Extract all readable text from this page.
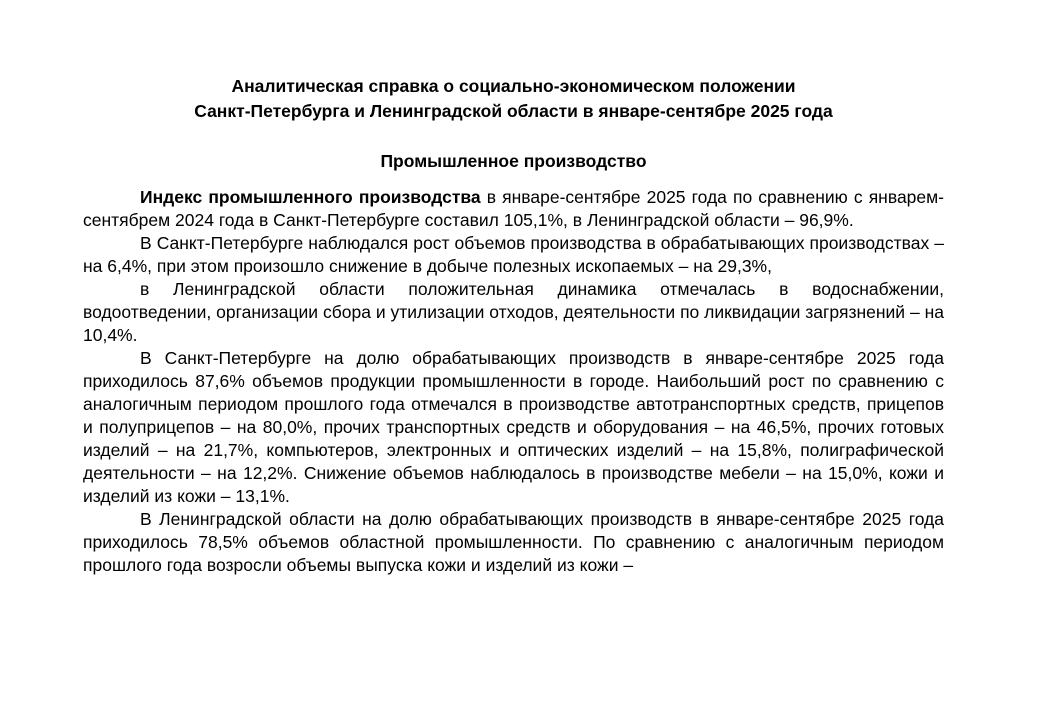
Аналитическая справка о социально-экономическом положении
Санкт-Петербурга и Ленинградской области в январе-сентябре 2025 года

Промышленное производство

Индекс промышленного производства в январе-сентябре 2025 года по сравнению с январем-сентябрем 2024 года в Санкт-Петербурге составил 105,1%, в Ленинградской области – 96,9%.

В Санкт-Петербурге наблюдался рост объемов производства в обрабатывающих производствах – на 6,4%, при этом произошло снижение в добыче полезных ископаемых – на 29,3%,

в Ленинградской области положительная динамика отмечалась в водоснабжении, водоотведении, организации сбора и утилизации отходов, деятельности по ликвидации загрязнений – на 10,4%.

В Санкт-Петербурге на долю обрабатывающих производств в январе-сентябре 2025 года приходилось 87,6% объемов продукции промышленности в городе. Наибольший рост по сравнению с аналогичным периодом прошлого года отмечался в производстве автотранспортных средств, прицепов и полуприцепов – на 80,0%, прочих транспортных средств и оборудования – на 46,5%, прочих готовых изделий – на 21,7%, компьютеров, электронных и оптических изделий – на 15,8%, полиграфической деятельности – на 12,2%. Снижение объемов наблюдалось в производстве мебели – на 15,0%, кожи и изделий из кожи – 13,1%.

В Ленинградской области на долю обрабатывающих производств в январе-сентябре 2025 года приходилось 78,5% объемов областной промышленности. По сравнению с аналогичным периодом прошлого года возросли объемы выпуска кожи и изделий из кожи –
